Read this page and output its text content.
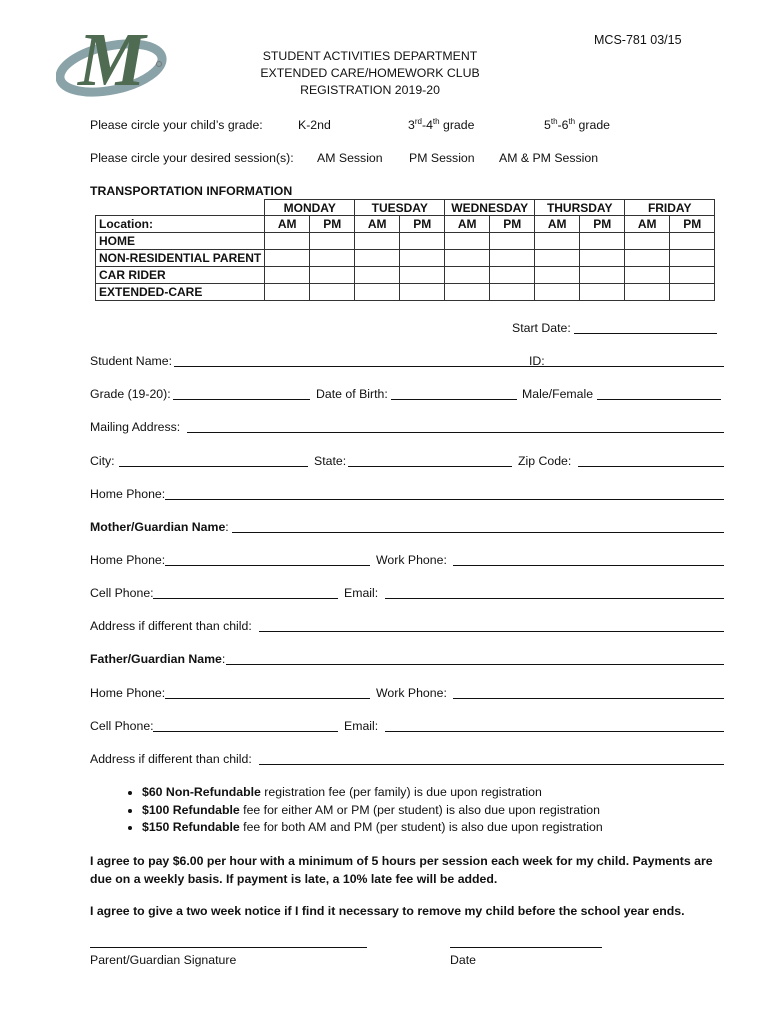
M	MCS-781 03/15
STUDENT ACTIVITIES DEPARTMENT
EXTENDED CARE/HOMEWORK CLUB
REGISTRATION 2019-20
Please circle your child’s grade:	K-2nd	3rd-4th grade	5th-6th grade
Please circle your desired session(s): AM Session PM Session AM & PM Session
TRANSPORTATION INFORMATION
	MONDAY		TUESDAY		WEDNESDAY		THURSDAY		FRIDAY	
Location:	AM	PM	AM	PM	AM	PM	AM	PM	AM	PM
HOME										
NON-RESIDENTIAL PARENT										
CAR RIDER										
EXTENDED-CARE										
Start Date:
Student Name:	ID:
Grade (19-20):	Date of Birth:	Male/Female
Mailing Address:
City:	State:	Zip Code:
Home Phone:
Mother/Guardian Name:
Home Phone:	Work Phone:
Cell Phone:	Email:
Address if different than child:
Father/Guardian Name:
Home Phone:	Work Phone:
Cell Phone:	Email:
Address if different than child:
• $60 Non-Refundable registration fee (per family) is due upon registration
• $100 Refundable fee for either AM or PM (per student) is also due upon registration
• $150 Refundable fee for both AM and PM (per student) is also due upon registration
I agree to pay $6.00 per hour with a minimum of 5 hours per session each week for my child. Payments are due on a weekly basis. If payment is late, a 10% late fee will be added.
I agree to give a two week notice if I find it necessary to remove my child before the school year ends.
Parent/Guardian Signature	Date
